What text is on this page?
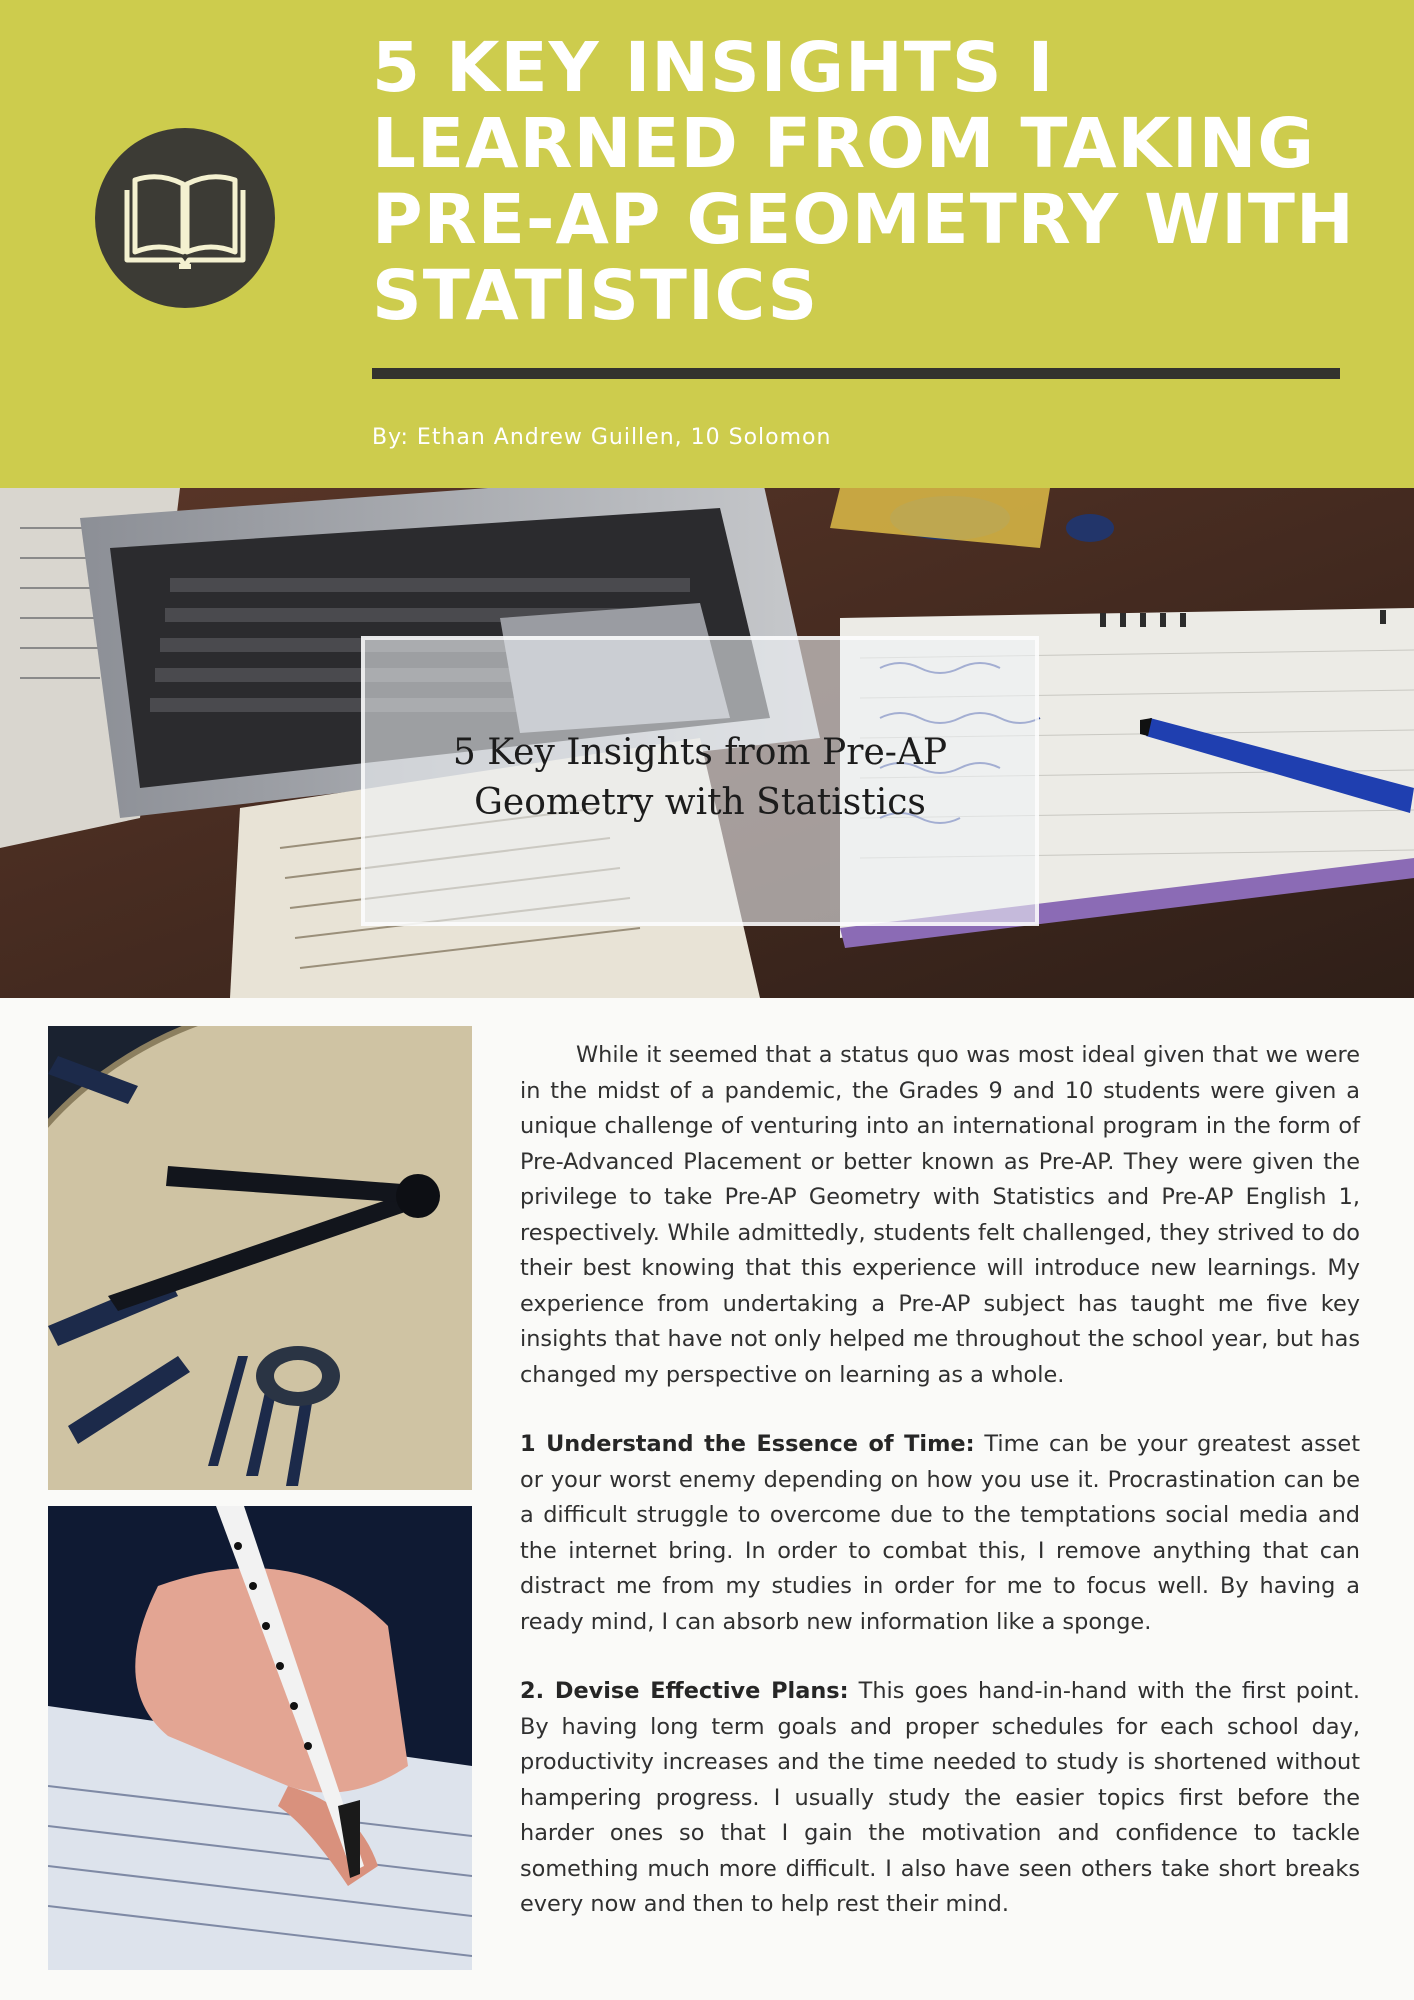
5 KEY INSIGHTS I LEARNED FROM TAKING PRE-AP GEOMETRY WITH STATISTICS
By: Ethan Andrew Guillen, 10 Solomon
5 Key Insights from Pre-AP
Geometry with Statistics

While it seemed that a status quo was most ideal given that we were in the midst of a pandemic, the Grades 9 and 10 students were given a unique challenge of venturing into an international program in the form of Pre-Advanced Placement or better known as Pre-AP. They were given the privilege to take Pre-AP Geometry with Statistics and Pre-AP English 1, respectively. While admittedly, students felt challenged, they strived to do their best knowing that this experience will introduce new learnings. My experience from undertaking a Pre-AP subject has taught me five key insights that have not only helped me throughout the school year, but has changed my perspective on learning as a whole.

1 Understand the Essence of Time: Time can be your greatest asset or your worst enemy depending on how you use it. Procrastination can be a difficult struggle to overcome due to the temptations social media and the internet bring. In order to combat this, I remove anything that can distract me from my studies in order for me to focus well. By having a ready mind, I can absorb new information like a sponge.

2. Devise Effective Plans: This goes hand-in-hand with the first point. By having long term goals and proper schedules for each school day, productivity increases and the time needed to study is shortened without hampering progress. I usually study the easier topics first before the harder ones so that I gain the motivation and confidence to tackle something much more difficult. I also have seen others take short breaks every now and then to help rest their mind.
